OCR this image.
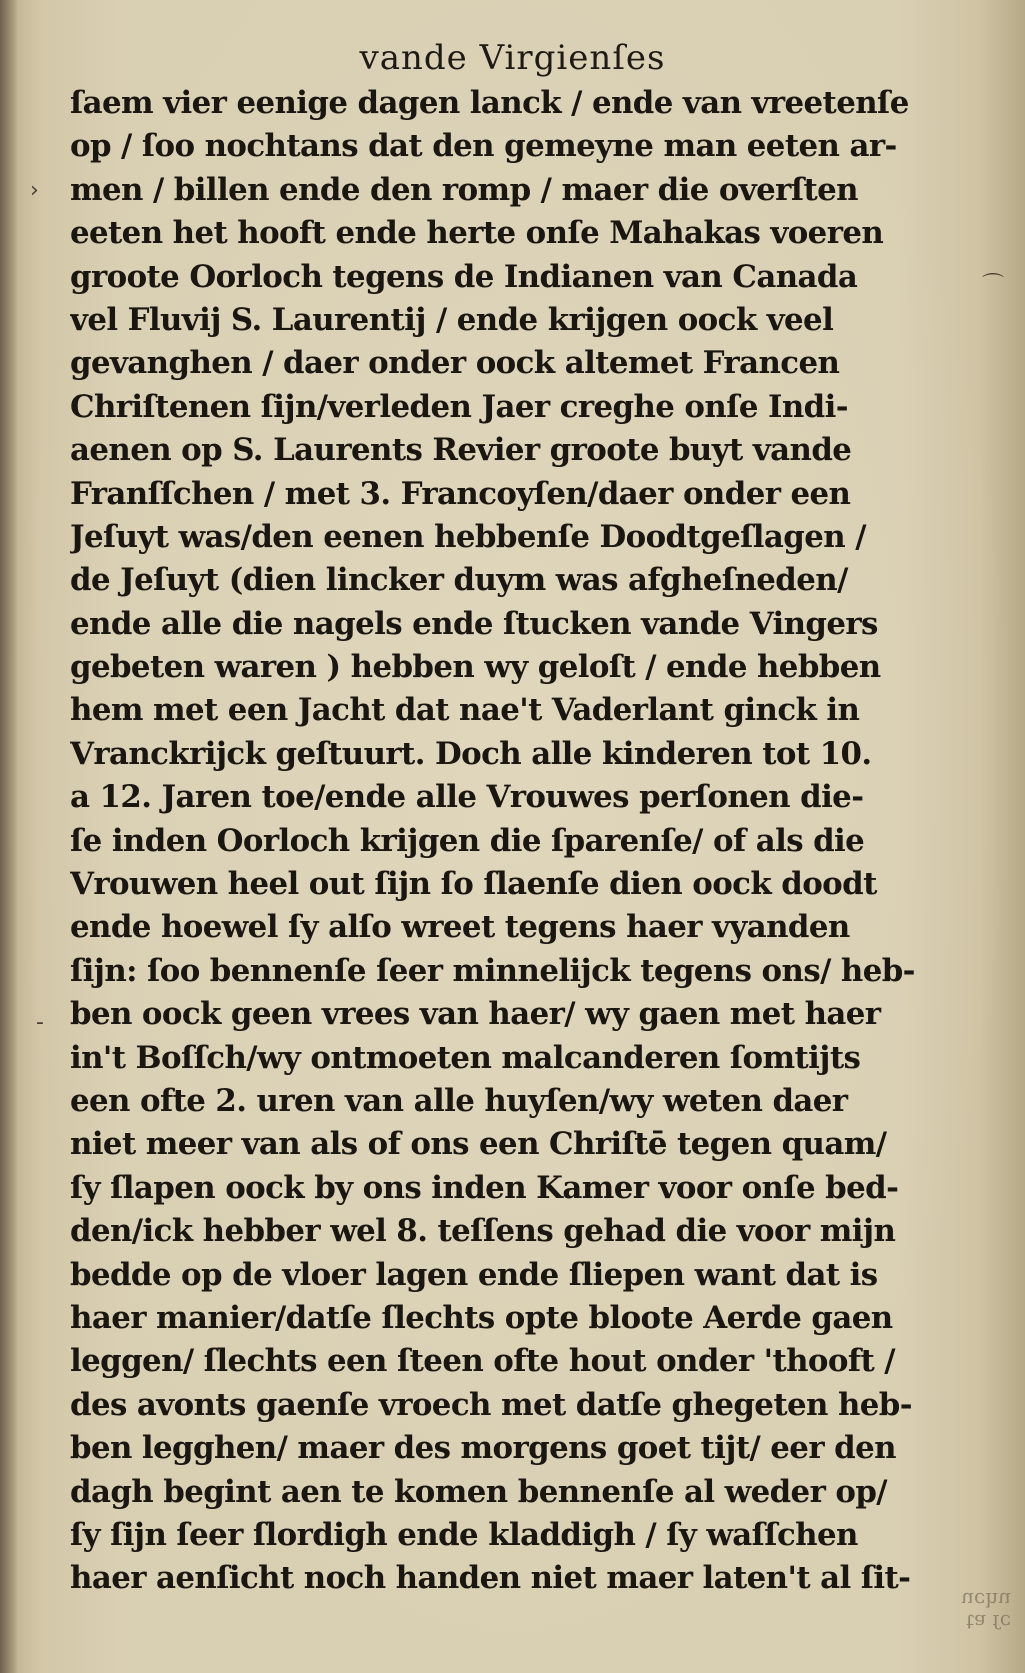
vande Virgienſes
ſaem vier eenige dagen lanck / ende van vreetenſe
op / ſoo nochtans dat den gemeyne man eeten ar-
men / billen ende den romp / maer die overſten
eeten het hooft ende herte onſe Mahakas voeren
groote Oorloch tegens de Indianen van Canada
vel Fluvij S. Laurentij / ende krijgen oock veel
gevanghen / daer onder oock altemet Francen
Chriſtenen ſijn/verleden Jaer creghe onſe Indi-
aenen op S. Laurents Revier groote buyt vande
Franſſchen / met 3. Francoyſen/daer onder een
Jeſuyt was/den eenen hebbenſe Doodtgeſlagen /
de Jeſuyt (dien lincker duym was afgheſneden/
ende alle die nagels ende ſtucken vande Vingers
gebeten waren ) hebben wy geloſt / ende hebben
hem met een Jacht dat nae't Vaderlant ginck in
Vranckrijck geſtuurt. Doch alle kinderen tot 10.
a 12. Jaren toe/ende alle Vrouwes perſonen die-
ſe inden Oorloch krijgen die ſparenſe/ of als die
Vrouwen heel out ſijn ſo ſlaenſe dien oock doodt
ende hoewel ſy alſo wreet tegens haer vyanden
ſijn: ſoo bennenſe ſeer minnelijck tegens ons/ heb-
ben oock geen vrees van haer/ wy gaen met haer
in't Boſſch/wy ontmoeten malcanderen ſomtijts
een ofte 2. uren van alle huyſen/wy weten daer
niet meer van als of ons een Chriſtē tegen quam/
ſy ſlapen oock by ons inden Kamer voor onſe bed-
den/ick hebber wel 8. teſſens gehad die voor mijn
bedde op de vloer lagen ende ſliepen want dat is
haer manier/datſe ſlechts opte bloote Aerde gaen
leggen/ ſlechts een ſteen ofte hout onder 'thooft /
des avonts gaenſe vroech met datſe ghegeten heb-
ben legghen/ maer des morgens goet tijt/ eer den
dagh begint aen te komen bennenſe al weder op/
ſy ſijn ſeer ſlordigh ende kladdigh / ſy waſſchen
haer aenſicht noch handen niet maer laten't al ſit-
›
⌒
-
ta ſc
uchu
